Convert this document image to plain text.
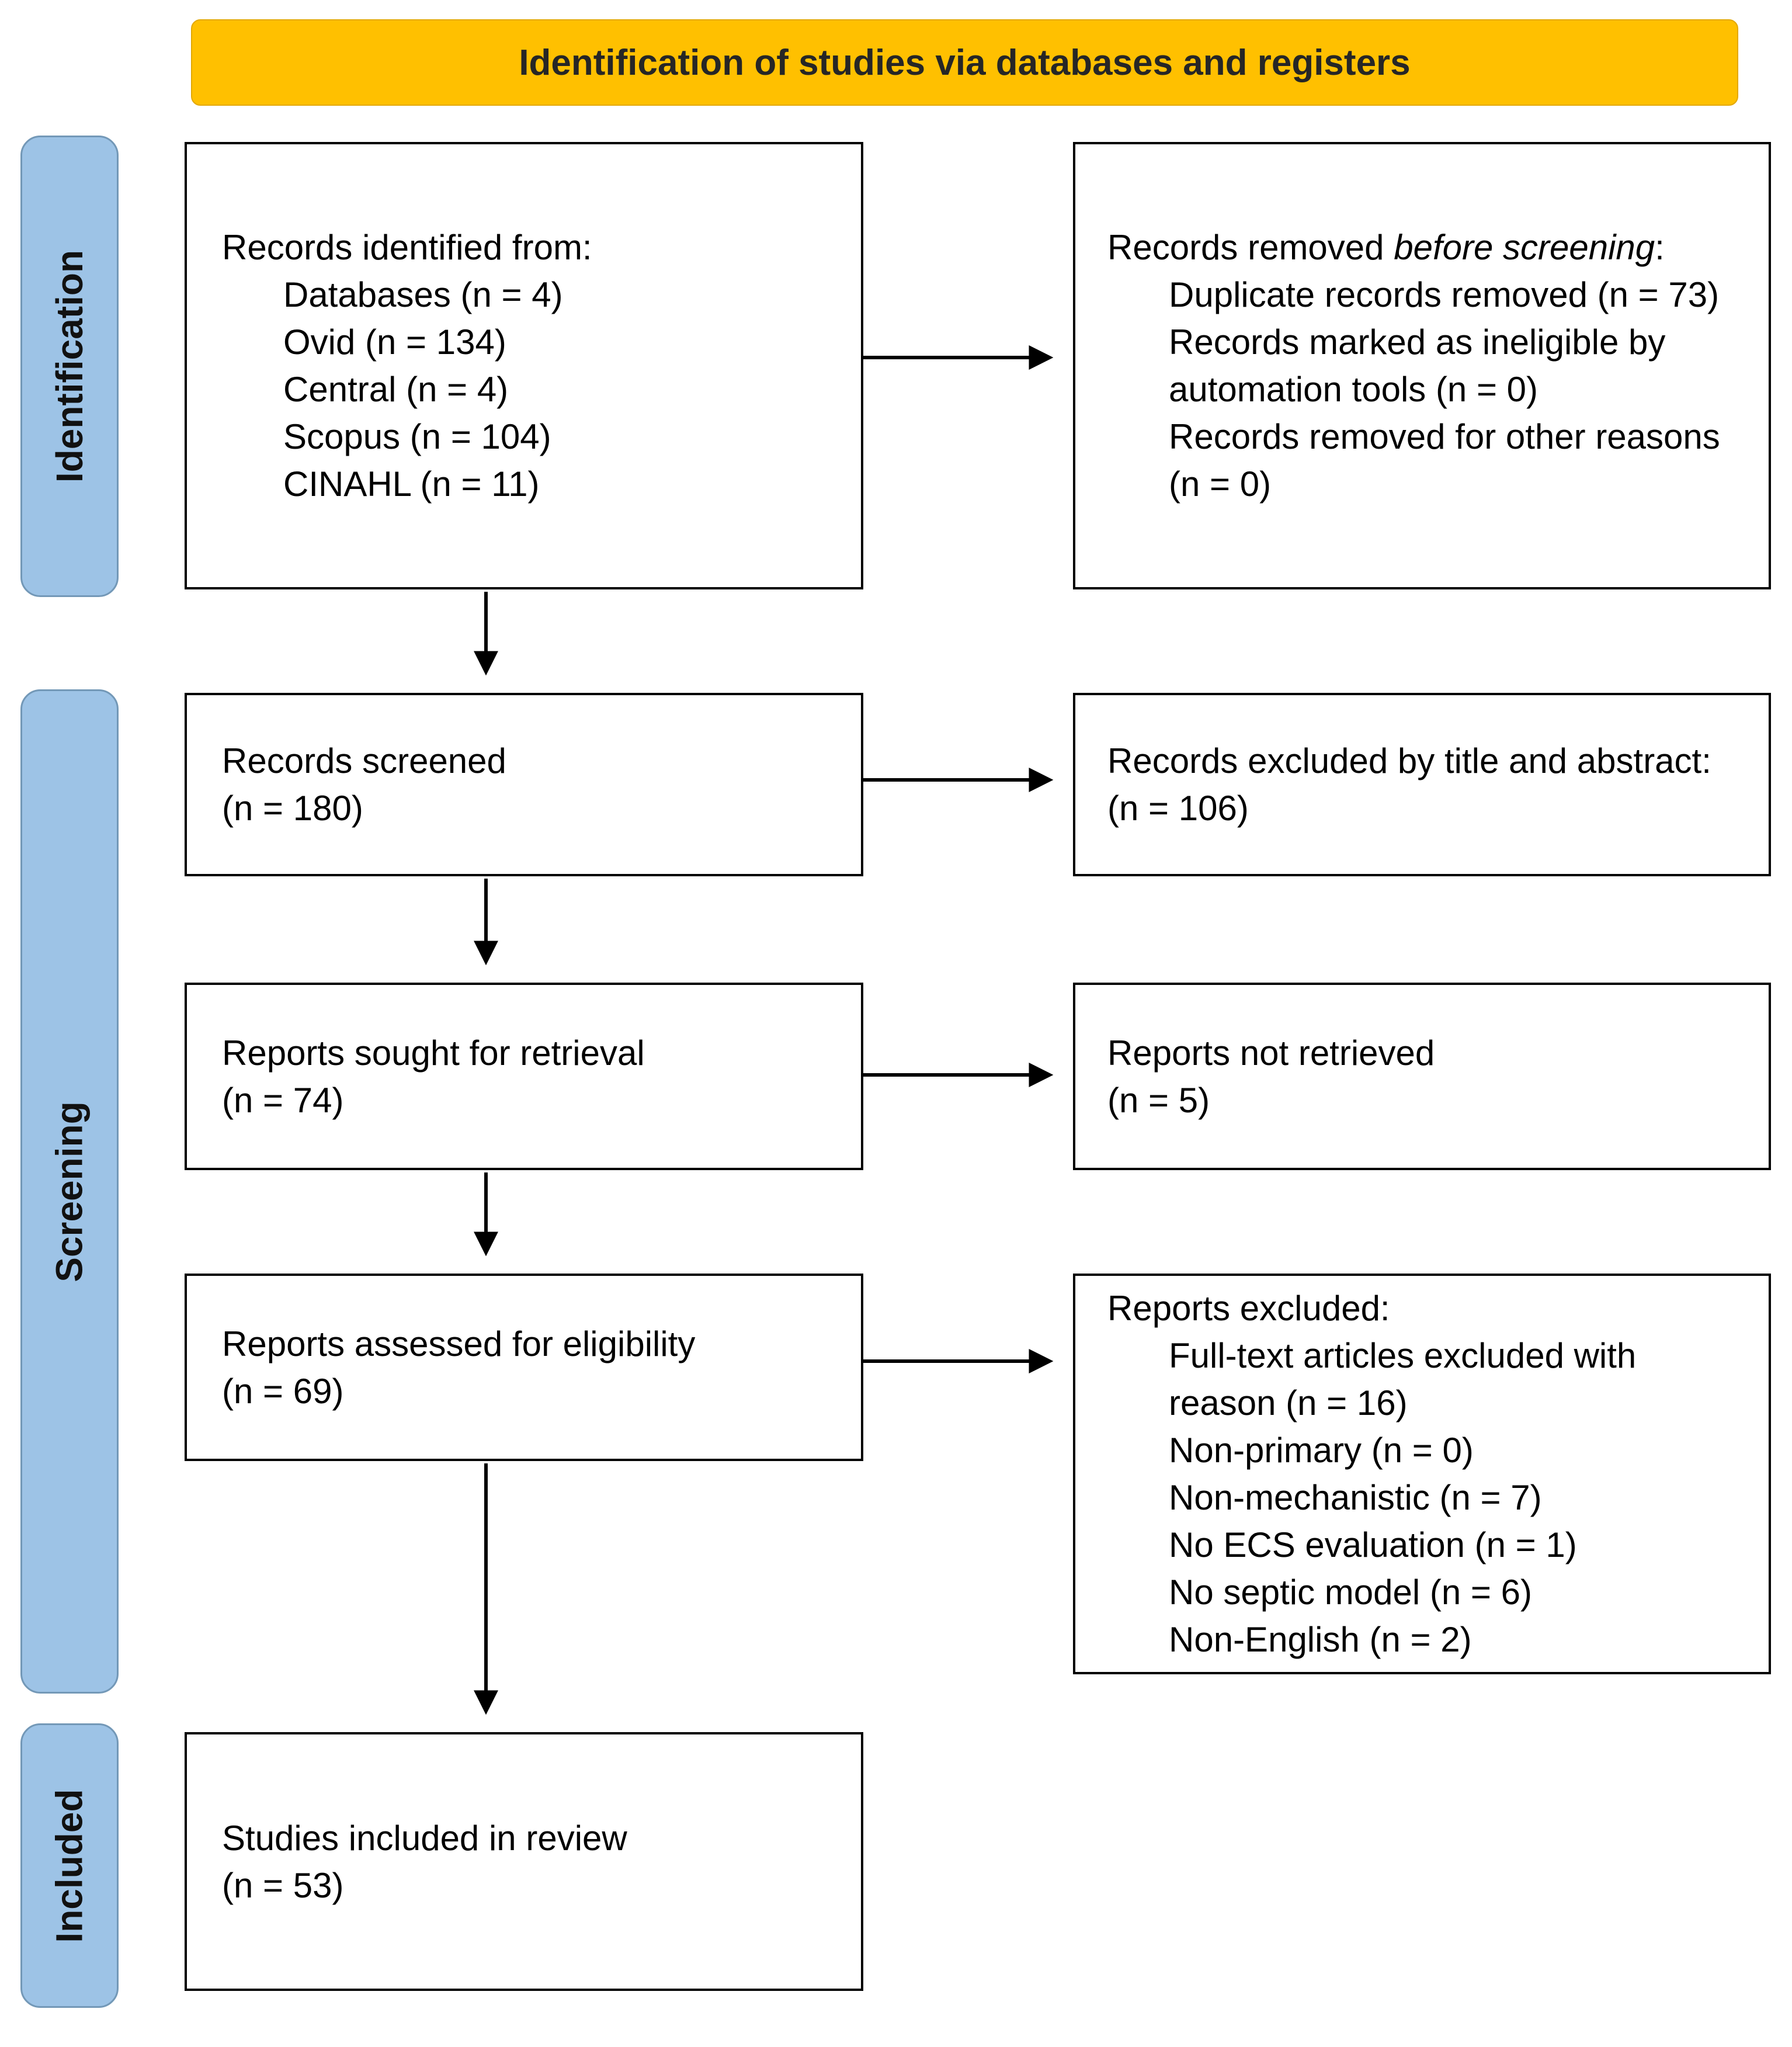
Identification of studies via databases and registers
Identification
Screening
Included
Records identified from:
Databases (n = 4)
Ovid (n = 134)
Central (n = 4)
Scopus (n = 104)
CINAHL (n = 11)
Records removed before screening:
Duplicate records removed (n = 73)
Records marked as ineligible by automation tools (n = 0)
Records removed for other reasons (n = 0)
Records screened
(n = 180)
Records excluded by title and abstract:
(n = 106)
Reports sought for retrieval
(n = 74)
Reports not retrieved
(n = 5)
Reports assessed for eligibility
(n = 69)
Reports excluded:
Full-text articles excluded with reason (n = 16)
Non-primary (n = 0)
Non-mechanistic (n = 7)
No ECS evaluation (n = 1)
No septic model (n = 6)
Non-English (n = 2)
Studies included in review
(n = 53)
